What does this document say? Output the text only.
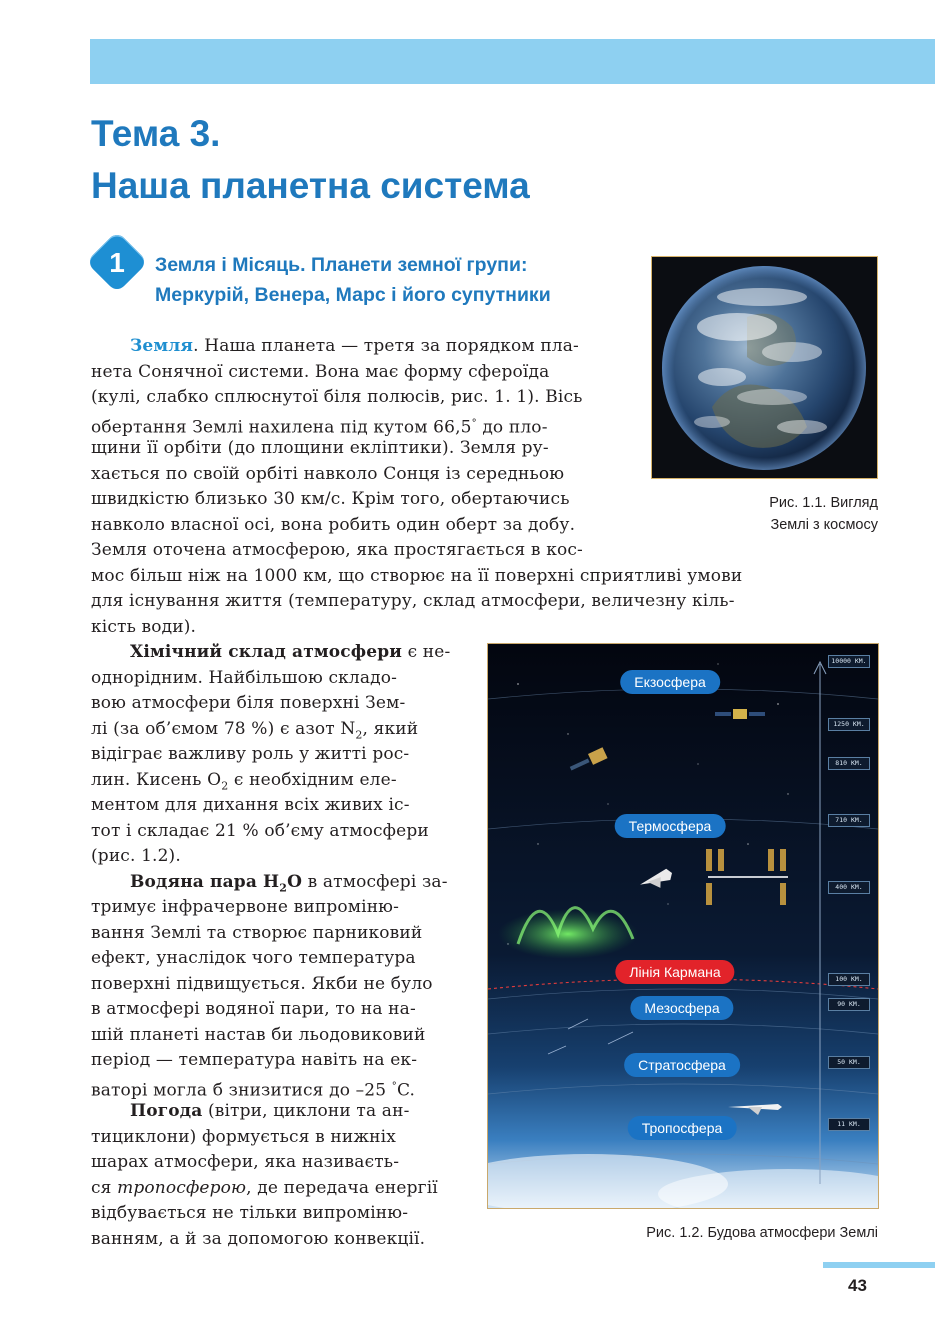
Тема 3.
Наша планетна система
1	Земля і Місяць. Планети земної групи:
Меркурій, Венера, Марс і його супутники
Рис. 1.1. Вигляд
Землі з космосу

Земля. Наша планета — третя за порядком пла-

нета Сонячної системи. Вона має форму сфероїда

(кулі, слабко сплюснутої біля полюсів, рис. 1. 1). Вісь

обертання Землі нахилена під кутом 66,5° до пло-

щини її орбіти (до площини екліптики). Земля ру-

хається по своїй орбіті навколо Сонця із середньою

швидкістю близько 30 км/с. Крім того, обертаючись

навколо власної осі, вона робить один оберт за добу.

Земля оточена атмосферою, яка простягається в кос-

мос більш ніж на 1000 км, що створює на її поверхні сприятливі умови

для існування життя (температуру, склад атмосфери, величезну кіль-

кість води).

Хімічний склад атмосфери є не-

однорідним. Найбільшою складо-

вою атмосфери біля поверхні Зем-

лі (за об’ємом 78 %) є азот $N_2$, який

відіграє важливу роль у житті рос-

лин. Кисень $O_2$ є необхідним еле-

ментом для дихання всіх живих іс-

тот і складає 21 % об’єму атмосфери

(рис. 1.2).

Водяна пара $H_2O$ в атмосфері за-

тримує інфрачервоне випроміню-

вання Землі та створює парниковий

ефект, унаслідок чого температура

поверхні підвищується. Якби не було

в атмосфері водяної пари, то на на-

шій планеті настав би льодовиковий

період — температура навіть на ек-

ваторі могла б знизитися до –25 °C.

Погода (вітри, циклони та ан-

тициклони) формується в нижніх

шарах атмосфери, яка називаєть-

ся тропосферою, де передача енергії

відбувається не тільки випроміню-

ванням, а й за допомогою конвекції.

Екзосфера
Термосфера
Лінія Кармана
Мезосфера
Стратосфера
Тропосфера
10000 KM.
1250 KM.
810 KM.
710 KM.
400 KM.
100 KM.
90 KM.
50 KM.
11 KM.
Рис. 1.2. Будова атмосфери Землі
43
